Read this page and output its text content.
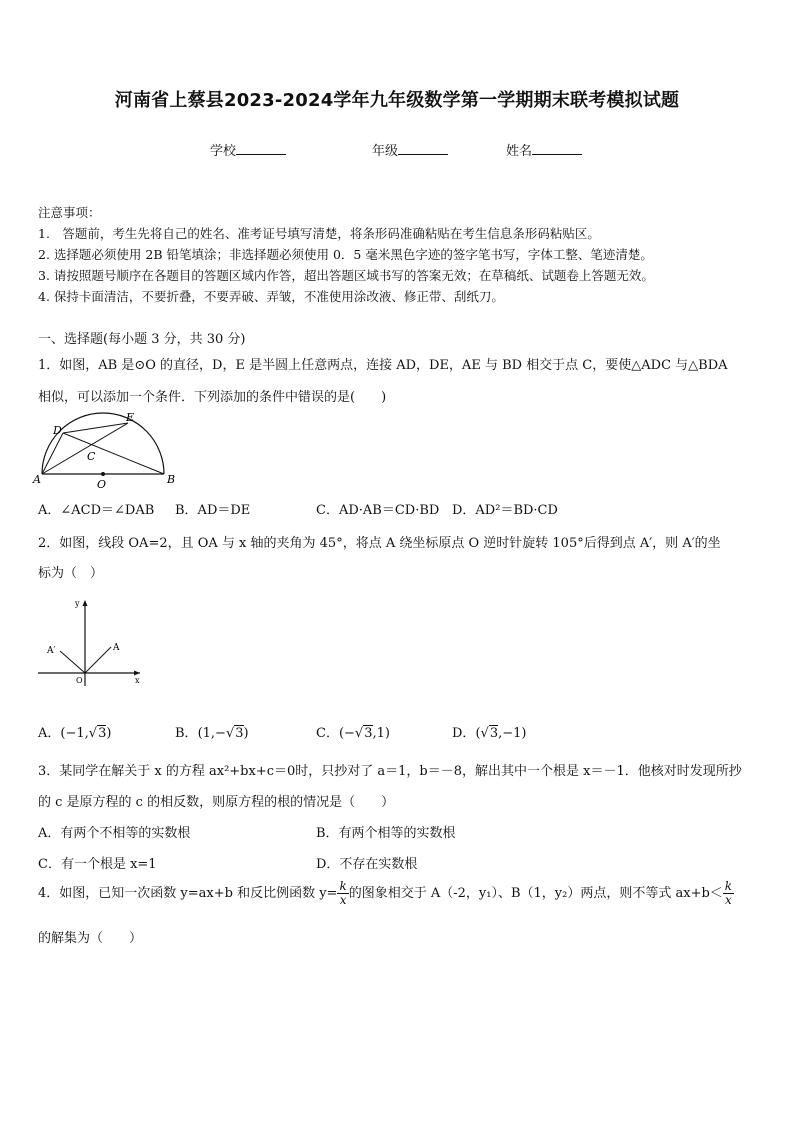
河南省上蔡县2023-2024学年九年级数学第一学期期末联考模拟试题
学校	年级	姓名
注意事项：
1.　答题前，考生先将自己的姓名、准考证号填写清楚，将条形码准确粘贴在考生信息条形码粘贴区。
2. 选择题必须使用 2B 铅笔填涂；非选择题必须使用 0．5 毫米黑色字迹的签字笔书写，字体工整、笔迹清楚。
3. 请按照题号顺序在各题目的答题区域内作答，超出答题区域书写的答案无效；在草稿纸、试题卷上答题无效。
4. 保持卡面清洁，不要折叠，不要弄破、弄皱，不准使用涂改液、修正带、刮纸刀。
一、选择题(每小题 3 分，共 30 分)
1．如图，AB 是⊙O 的直径，D，E 是半圆上任意两点，连接 AD，DE，AE 与 BD 相交于点 C，要使△ADC 与△BDA
相似，可以添加一个条件．下列添加的条件中错误的是(　　)
A	B
C
D
E
O
A．∠ACD＝∠DAB B．AD＝DE	C．AD·AB＝CD·BD D．AD²＝BD·CD
2．如图，线段 OA=2，且 OA 与 x 轴的夹角为 45°，将点 A 绕坐标原点 O 逆时针旋转 105°后得到点 A′，则 A′的坐
标为（　）
y
x
O
A
A′
A．(−1,√3)	B．(1,−√3)	C．(−√3,1)	D．(√3,−1)
3．某同学在解关于 x 的方程 ax²+bx+c＝0时，只抄对了 a＝1，b＝－8，解出其中一个根是 x＝－1．他核对时发现所抄
的 c 是原方程的 c 的相反数，则原方程的根的情况是（　　）
A．有两个不相等的实数根	B．有两个相等的实数根
C．有一个根是 x=1	D．不存在实数根
4．如图，已知一次函数 y=ax+b 和反比例函数 $y= \frac{k}{x}$ 的图象相交于 A（-2，y₁）、B（1，y₂）两点，则不等式 $ax+b< \frac{k}{x}$
的解集为（　　）
